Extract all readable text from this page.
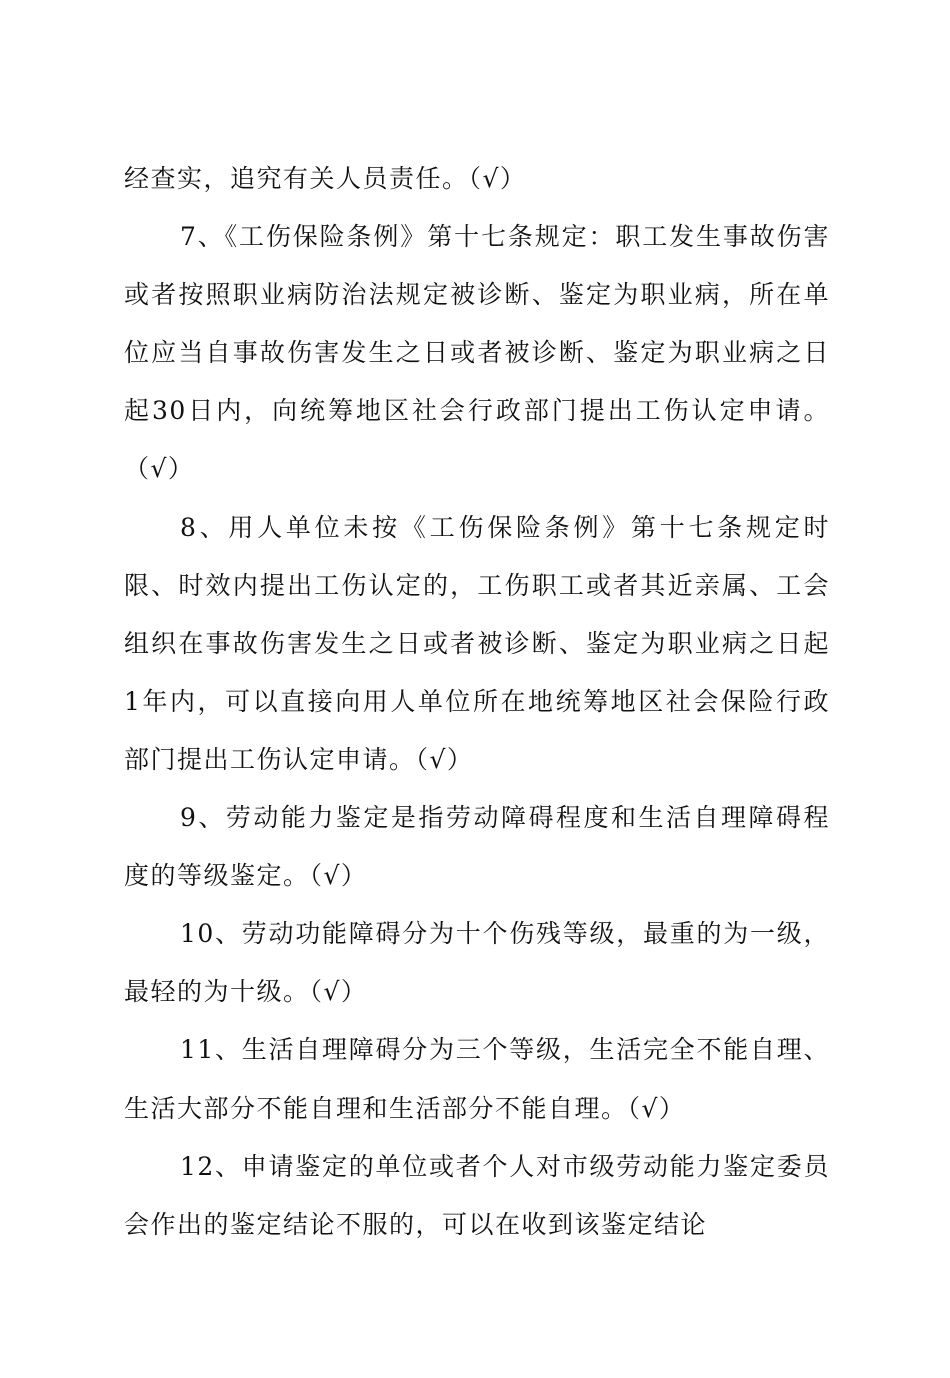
经查实，追究有关人员责任。（√）

7、《工伤保险条例》第十七条规定：职工发生事故伤害或者按照职业病防治法规定被诊断、鉴定为职业病，所在单位应当自事故伤害发生之日或者被诊断、鉴定为职业病之日起30日内，向统筹地区社会行政部门提出工伤认定申请。（√）

8、用人单位未按《工伤保险条例》第十七条规定时限、时效内提出工伤认定的，工伤职工或者其近亲属、工会组织在事故伤害发生之日或者被诊断、鉴定为职业病之日起1年内，可以直接向用人单位所在地统筹地区社会保险行政部门提出工伤认定申请。（√）

9、劳动能力鉴定是指劳动障碍程度和生活自理障碍程度的等级鉴定。（√）

10、劳动功能障碍分为十个伤残等级，最重的为一级，最轻的为十级。（√）

11、生活自理障碍分为三个等级，生活完全不能自理、生活大部分不能自理和生活部分不能自理。（√）

12、申请鉴定的单位或者个人对市级劳动能力鉴定委员会作出的鉴定结论不服的，可以在收到该鉴定结论
